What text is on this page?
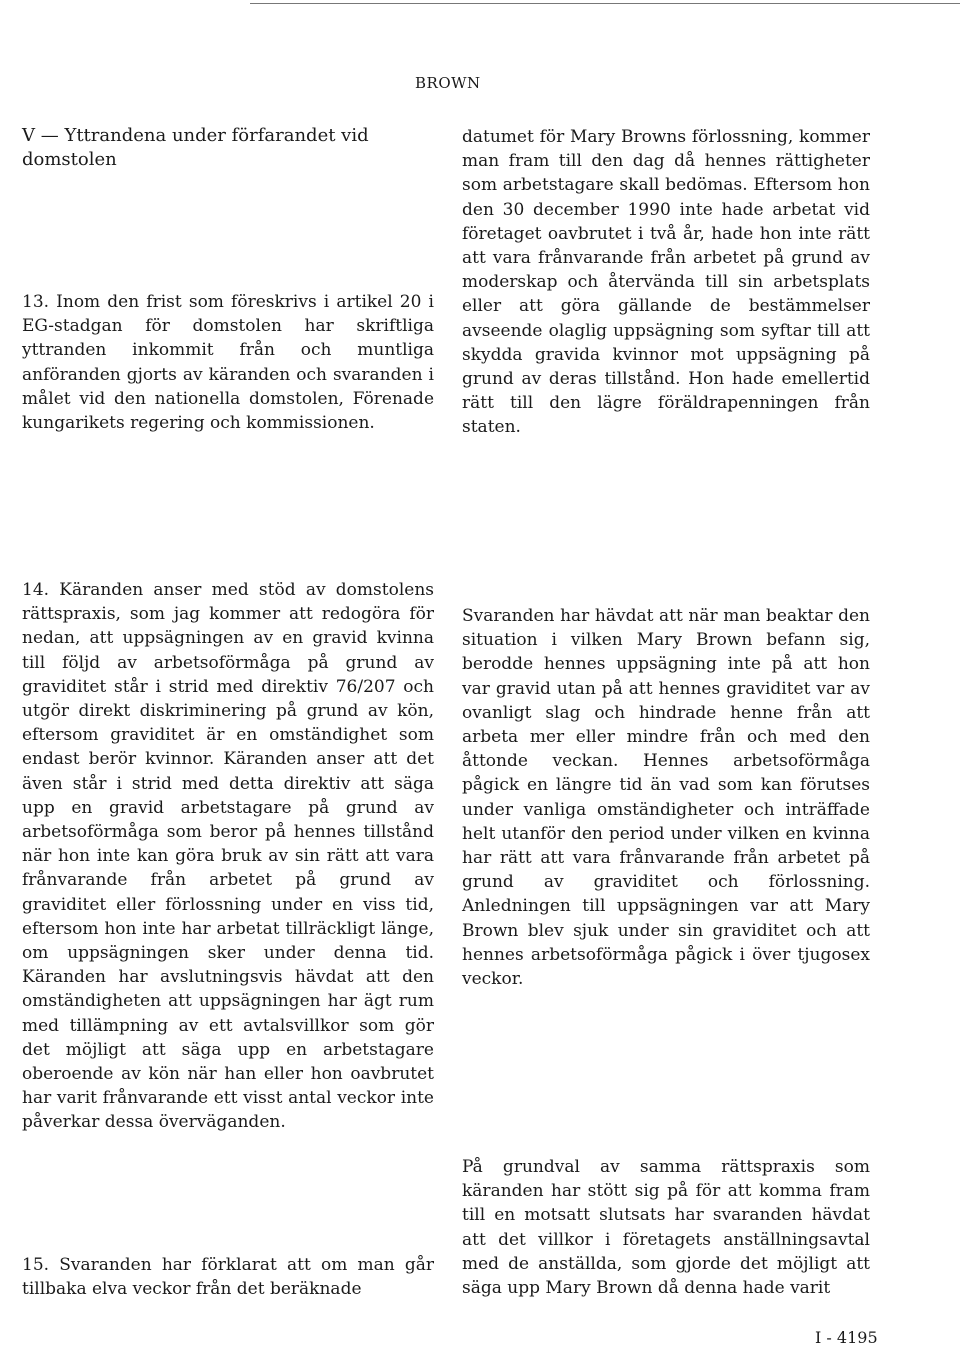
BROWN
V — Yttrandena under förfarandet vid domstolen
13. Inom den frist som föreskrivs i artikel 20 i EG-stadgan för domstolen har skriftliga yttranden inkommit från och muntliga anföranden gjorts av käranden och svaranden i målet vid den nationella domstolen, Förenade kungarikets regering och kommissionen.
datumet för Mary Browns förlossning, kommer man fram till den dag då hennes rättigheter som arbetstagare skall bedömas. Eftersom hon den 30 december 1990 inte hade arbetat vid företaget oavbrutet i två år, hade hon inte rätt att vara frånvarande från arbetet på grund av moderskap och återvända till sin arbetsplats eller att göra gällande de bestämmelser avseende olaglig uppsägning som syftar till att skydda gravida kvinnor mot uppsägning på grund av deras tillstånd. Hon hade emellertid rätt till den lägre föräldrapenningen från staten.
14. Käranden anser med stöd av domstolens rättspraxis, som jag kommer att redogöra för nedan, att uppsägningen av en gravid kvinna till följd av arbetsoförmåga på grund av graviditet står i strid med direktiv 76/207 och utgör direkt diskriminering på grund av kön, eftersom graviditet är en omständighet som endast berör kvinnor. Käranden anser att det även står i strid med detta direktiv att säga upp en gravid arbetstagare på grund av arbetsoförmåga som beror på hennes tillstånd när hon inte kan göra bruk av sin rätt att vara frånvarande från arbetet på grund av graviditet eller förlossning under en viss tid, eftersom hon inte har arbetat tillräckligt länge, om uppsägningen sker under denna tid. Käranden har avslutningsvis hävdat att den omständigheten att uppsägningen har ägt rum med tillämpning av ett avtalsvillkor som gör det möjligt att säga upp en arbetstagare oberoende av kön när han eller hon oavbrutet har varit frånvarande ett visst antal veckor inte påverkar dessa överväganden.
Svaranden har hävdat att när man beaktar den situation i vilken Mary Brown befann sig, berodde hennes uppsägning inte på att hon var gravid utan på att hennes graviditet var av ovanligt slag och hindrade henne från att arbeta mer eller mindre från och med den åttonde veckan. Hennes arbetsoförmåga pågick en längre tid än vad som kan förutses under vanliga omständigheter och inträffade helt utanför den period under vilken en kvinna har rätt att vara frånvarande från arbetet på grund av graviditet och förlossning. Anledningen till uppsägningen var att Mary Brown blev sjuk under sin graviditet och att hennes arbetsoförmåga pågick i över tjugosex veckor.
15. Svaranden har förklarat att om man går tillbaka elva veckor från det beräknade
På grundval av samma rättspraxis som käranden har stött sig på för att komma fram till en motsatt slutsats har svaranden hävdat att det villkor i företagets anställningsavtal med de anställda, som gjorde det möjligt att säga upp Mary Brown då denna hade varit
I - 4195
